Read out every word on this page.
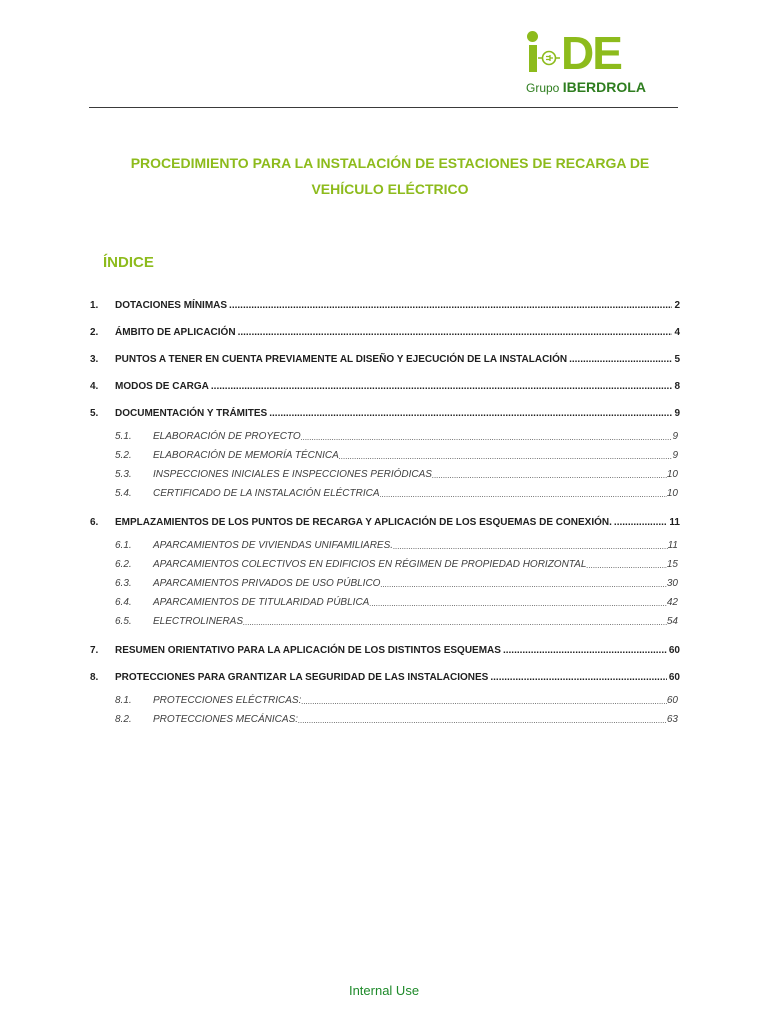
DE
Grupo IBERDROLA
PROCEDIMIENTO PARA LA INSTALACIÓN DE ESTACIONES DE RECARGA DE
VEHÍCULO ELÉCTRICO
ÍNDICE
1.	DOTACIONES MÍNIMAS .....	2
2.	ÁMBITO DE APLICACIÓN .....	4
3.	PUNTOS A TENER EN CUENTA PREVIAMENTE AL DISEÑO Y EJECUCIÓN DE LA INSTALACIÓN .....	5
4.	MODOS DE CARGA .....	8
5.	DOCUMENTACIÓN Y TRÁMITES .....	9
5.1.	ELABORACIÓN DE PROYECTO .....	9
5.2.	ELABORACIÓN DE MEMORÍA TÉCNICA .....	9
5.3.	INSPECCIONES INICIALES E INSPECCIONES PERIÓDICAS .....	10
5.4.	CERTIFICADO DE LA INSTALACIÓN ELÉCTRICA .....	10
6.	EMPLAZAMIENTOS DE LOS PUNTOS DE RECARGA Y APLICACIÓN DE LOS ESQUEMAS DE CONEXIÓN. .....	11
6.1.	APARCAMIENTOS DE VIVIENDAS UNIFAMILIARES. .....	11
6.2.	APARCAMIENTOS COLECTIVOS EN EDIFICIOS EN RÉGIMEN DE PROPIEDAD HORIZONTAL .....	15
6.3.	APARCAMIENTOS PRIVADOS DE USO PÚBLICO .....	30
6.4.	APARCAMIENTOS DE TITULARIDAD PÚBLICA .....	42
6.5.	ELECTROLINERAS .....	54
7.	RESUMEN ORIENTATIVO PARA LA APLICACIÓN DE LOS DISTINTOS ESQUEMAS .....	60
8.	PROTECCIONES PARA GRANTIZAR LA SEGURIDAD DE LAS INSTALACIONES .....	60
8.1.	PROTECCIONES ELÉCTRICAS: .....	60
8.2.	PROTECCIONES MECÁNICAS: .....	63
Internal Use
